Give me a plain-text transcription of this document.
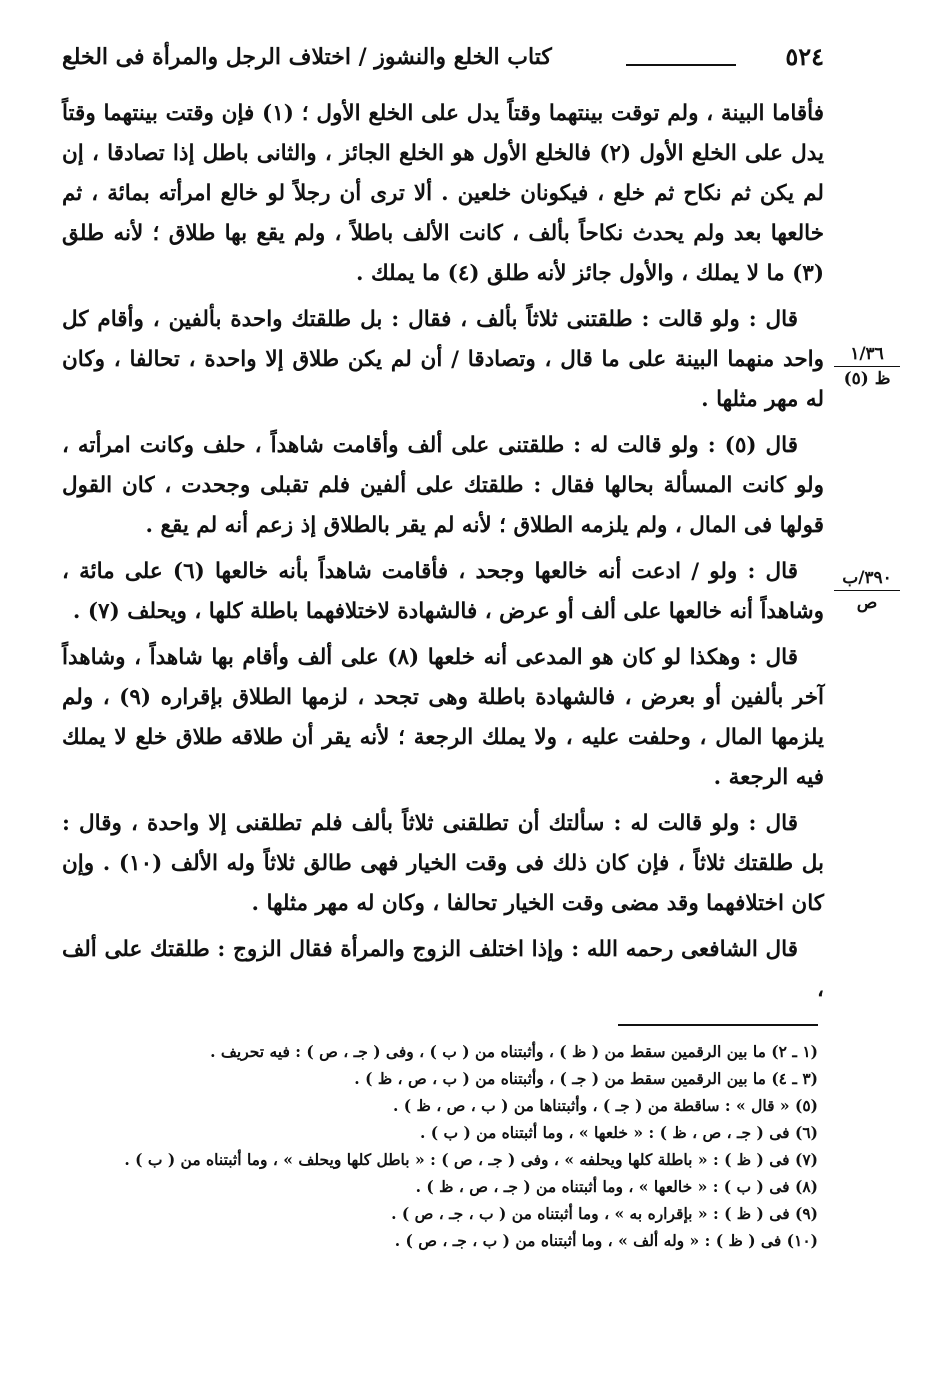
٥٢٤
كتاب الخلع والنشوز / اختلاف الرجل والمرأة فى الخلع

فأقاما البينة ، ولم توقت بينتهما وقتاً يدل على الخلع الأول ؛ (١) فإن وقتت بينتهما وقتاً يدل على الخلع الأول (٢) فالخلع الأول هو الخلع الجائز ، والثانى باطل إذا تصادقا ، إن لم يكن ثم نكاح ثم خلع ، فيكونان خلعين . ألا ترى أن رجلاً لو خالع امرأته بمائة ، ثم خالعها بعد ولم يحدث نكاحاً بألف ، كانت الألف باطلاً ، ولم يقع بها طلاق ؛ لأنه طلق (٣) ما لا يملك ، والأول جائز لأنه طلق (٤) ما يملك .

قال : ولو قالت : طلقتنى ثلاثاً بألف ، فقال : بل طلقتك واحدة بألفين ، وأقام كل واحد منهما البينة على ما قال ، وتصادقا / أن لم يكن طلاق إلا واحدة ، تحالفا ، وكان له مهر مثلها .

قال (٥) : ولو قالت له : طلقتنى على ألف وأقامت شاهداً ، حلف وكانت امرأته ، ولو كانت المسألة بحالها فقال : طلقتك على ألفين فلم تقبلى وجحدت ، كان القول قولها فى المال ، ولم يلزمه الطلاق ؛ لأنه لم يقر بالطلاق إذ زعم أنه لم يقع .

قال : ولو / ادعت أنه خالعها وجحد ، فأقامت شاهداً بأنه خالعها (٦) على مائة ، وشاهداً أنه خالعها على ألف أو عرض ، فالشهادة لاختلافهما باطلة كلها ، ويحلف (٧) .

قال : وهكذا لو كان هو المدعى أنه خلعها (٨) على ألف وأقام بها شاهداً ، وشاهداً آخر بألفين أو بعرض ، فالشهادة باطلة وهى تجحد ، لزمها الطلاق بإقراره (٩) ، ولم يلزمها المال ، وحلفت عليه ، ولا يملك الرجعة ؛ لأنه يقر أن طلاقه طلاق خلع لا يملك فيه الرجعة .

قال : ولو قالت له : سألتك أن تطلقنى ثلاثاً بألف فلم تطلقنى إلا واحدة ، وقال : بل طلقتك ثلاثاً ، فإن كان ذلك فى وقت الخيار فهى طالق ثلاثاً وله الألف (١٠) . وإن كان اختلافهما وقد مضى وقت الخيار تحالفا ، وكان له مهر مثلها .

قال الشافعى رحمه الله : وإذا اختلف الزوج والمرأة فقال الزوج : طلقتك على ألف ،

١/٣٦
ظ (٥)
٣٩٠/ب
ص
(١ ـ ٢) ما بين الرقمين سقط من ( ظ ) ، وأثبتناه من ( ب ) ، وفى ( جـ ، ص ) : فيه تحريف .
(٣ ـ ٤) ما بين الرقمين سقط من ( جـ ) ، وأثبتناه من ( ب ، ص ، ظ ) .
(٥) « قال » : ساقطة من ( جـ ) ، وأثبتناها من ( ب ، ص ، ظ ) .
(٦) فى ( جـ ، ص ، ظ ) : « خلعها » ، وما أثبتناه من ( ب ) .
(٧) فى ( ظ ) : « باطلة كلها ويحلفه » ، وفى ( جـ ، ص ) : « باطل كلها ويحلف » ، وما أثبتناه من ( ب ) .
(٨) فى ( ب ) : « خالعها » ، وما أثبتناه من ( جـ ، ص ، ظ ) .
(٩) فى ( ظ ) : « بإقراره به » ، وما أثبتناه من ( ب ، جـ ، ص ) .
(١٠) فى ( ظ ) : « وله ألف » ، وما أثبتناه من ( ب ، جـ ، ص ) .
